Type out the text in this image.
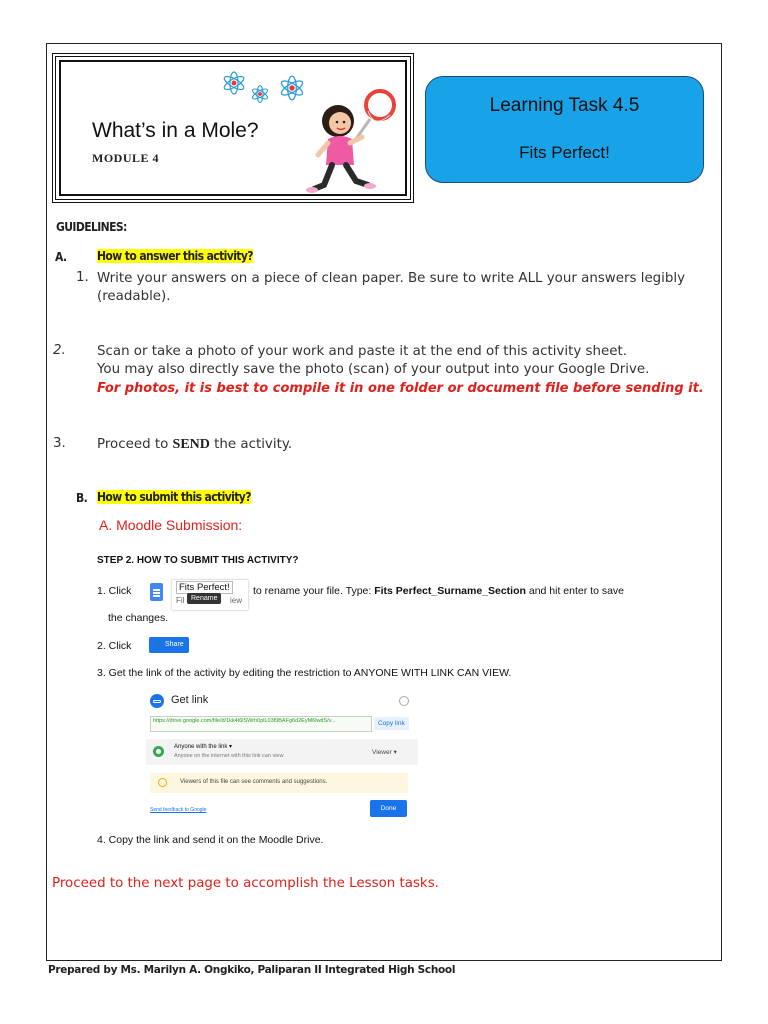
What’s in a Mole?
MODULE 4
Learning Task 4.5
Fits Perfect!
GUIDELINES:
A.	How to answer this activity?
1. Write your answers on a piece of clean paper. Be sure to write ALL your answers legibly
(readable).
2. Scan or take a photo of your work and paste it at the end of this activity sheet.
You may also directly save the photo (scan) of your output into your Google Drive.
For photos, it is best to compile it in one folder or document file before sending it.
3. Proceed to SEND the activity.
B. How to submit this activity?
A. Moodle Submission:
STEP 2. HOW TO SUBMIT THIS ACTIVITY?
1. Click	Fits Perfect!
Fil	iew
Rename
to rename your file. Type: Fits Perfect_Surname_Section and hit enter to save
the changes.
2. Click	👤 Share
3. Get the link of the activity by editing the restriction to ANYONE WITH LINK CAN VIEW.
Get link
https://drive.google.com/file/d/1kk4t6lSWrh0plL03f9BAFg6d2EyM6lwdS/v...	Copy link
Anyone with the link ▾
Anyone on the internet with this link can view	Viewer ▾
Viewers of this file can see comments and suggestions.
Send feedback to Google	Done
4. Copy the link and send it on the Moodle Drive.
Proceed to the next page to accomplish the Lesson tasks.
Prepared by Ms. Marilyn A. Ongkiko, Paliparan II Integrated High School
